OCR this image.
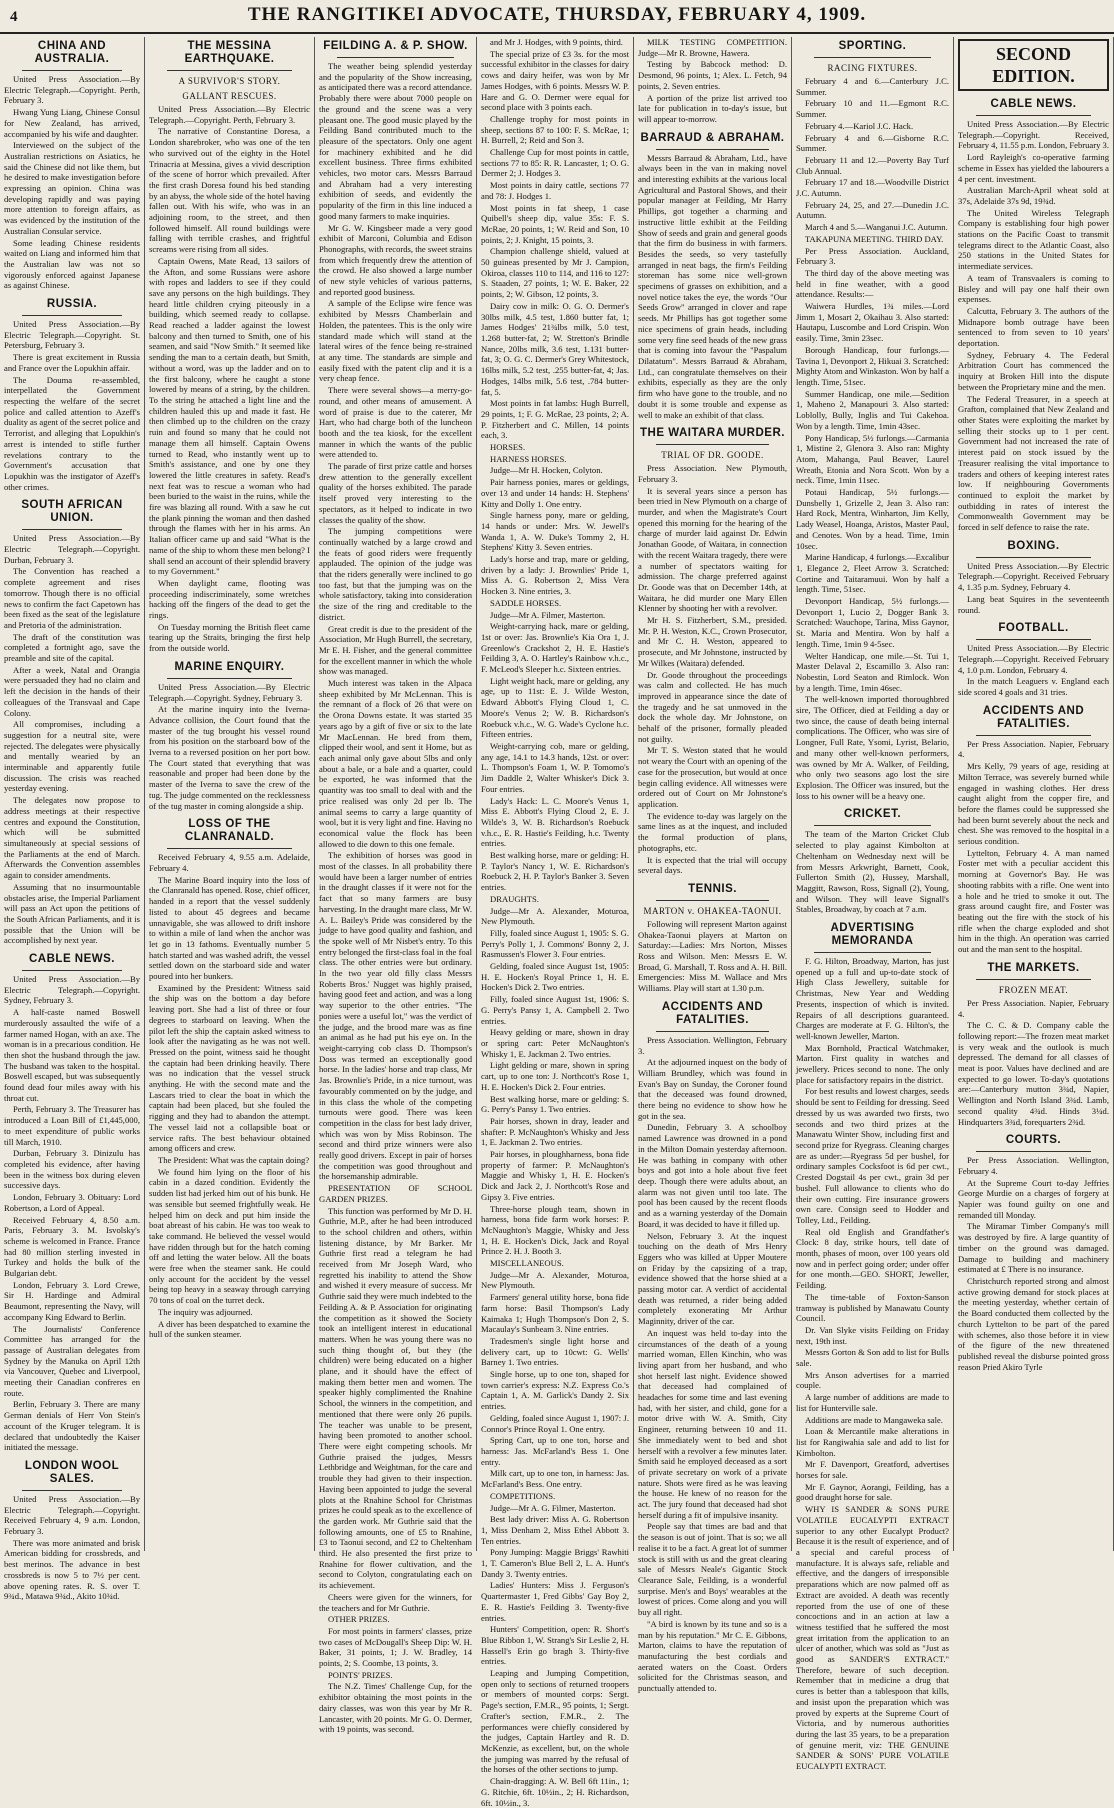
4	THE RANGITIKEI ADVOCATE, THURSDAY, FEBRUARY 4, 1909.
CHINA AND AUSTRALIA.

United Press Association.—By Electric Telegraph.—Copyright. Perth, February 3.

Hwang Yung Liang, Chinese Consul for New Zealand, has arrived, accompanied by his wife and daughter.

Interviewed on the subject of the Australian restrictions on Asiatics, he said the Chinese did not like them, but he desired to make investigation before expressing an opinion. China was developing rapidly and was paying more attention to foreign affairs, as was evidenced by the institution of the Australian Consular service.

Some leading Chinese residents waited on Liang and informed him that the Australian law was not so vigorously enforced against Japanese as against Chinese.

RUSSIA.

United Press Association.—By Electric Telegraph.—Copyright. St. Petersburg, February 3.

There is great excitement in Russia and France over the Lopukhin affair.

The Douma re-assembled, interpellated the Government respecting the welfare of the secret police and called attention to Azeff's duality as agent of the secret police and Terrorist, and alleging that Lopukhin's arrest is intended to stifle further revelations contrary to the Government's accusation that Lopukhin was the instigator of Azeff's other crimes.

SOUTH AFRICAN UNION.

United Press Association.—By Electric Telegraph.—Copyright. Durban, February 3.

The Convention has reached a complete agreement and rises tomorrow. Though there is no official news to confirm the fact Capetown has been fixed as the seat of the legislature and Pretoria of the administration.

The draft of the constitution was completed a fortnight ago, save the preamble and site of the capital.

After a week, Natal and Orangia were persuaded they had no claim and left the decision in the hands of their colleagues of the Transvaal and Cape Colony.

All compromises, including a suggestion for a neutral site, were rejected. The delegates were physically and mentally wearied by an interminable and apparently futile discussion. The crisis was reached yesterday evening.

The delegates now propose to address meetings at their respective centres and expound the Constitution, which will be submitted simultaneously at special sessions of the Parliaments at the end of March. Afterwards the Convention assembles again to consider amendments.

Assuming that no insurmountable obstacles arise, the Imperial Parliament will pass an Act upon the petitions of the South African Parliaments, and it is possible that the Union will be accomplished by next year.

CABLE NEWS.

United Press Association.—By Electric Telegraph.—Copyright. Sydney, February 3.

A half-caste named Boswell murderously assaulted the wife of a farmer named Hogan, with an axe. The woman is in a precarious condition. He then shot the husband through the jaw. The husband was taken to the hospital. Boswell escaped, but was subsequently found dead four miles away with his throat cut.

Perth, February 3. The Treasurer has introduced a Loan Bill of £1,445,000, to meet expenditure of public works till March, 1910.

Durban, February 3. Dinizulu has completed his evidence, after having been in the witness box during eleven successive days.

London, February 3. Obituary: Lord Robertson, a Lord of Appeal.

Received February 4, 8.50 a.m. Paris, February 3. M. Isvolsky's scheme is welcomed in France. France had 80 million sterling invested in Turkey and holds the bulk of the Bulgarian debt.

London, February 3. Lord Crewe, Sir H. Hardinge and Admiral Beaumont, representing the Navy, will accompany King Edward to Berlin.

The Journalists' Conference Committee has arranged for the passage of Australian delegates from Sydney by the Manuka on April 12th via Vancouver, Quebec and Liverpool, meeting their Canadian confreres en route.

Berlin, February 3. There are many German denials of Herr Von Stein's account of the Kruger telegram. It is declared that undoubtedly the Kaiser initiated the message.

LONDON WOOL SALES.

United Press Association.—By Electric Telegraph.—Copyright. Received February 4, 9 a.m. London, February 3.

There was more animated and brisk American bidding for crossbreds, and best merinos. The advance in best crossbreds is now 5 to 7½ per cent. above opening rates. R. S. over T. 9¾d., Matawa 9¾d., Akito 10¾d.

THE MESSINA EARTHQUAKE.
A SURVIVOR'S STORY.
GALLANT RESCUES.

United Press Association.—By Electric Telegraph.—Copyright. Perth, February 3.

The narrative of Constantine Doresa, a London sharebroker, who was one of the ten who survived out of the eighty in the Hotel Trinacria at Messina, gives a vivid description of the scene of horror which prevailed. After the first crash Doresa found his bed standing by an abyss, the whole side of the hotel having fallen out. With his wife, who was in an adjoining room, to the street, and then followed himself. All round buildings were falling with terrible crashes, and frightful screams were rising from all sides.

Captain Owens, Mate Read, 13 sailors of the Afton, and some Russians were ashore with ropes and ladders to see if they could save any persons on the high buildings. They heard little children crying piteously in a building, which seemed ready to collapse. Read reached a ladder against the lowest balcony and then turned to Smith, one of his seamen, and said "Now Smith." It seemed like sending the man to a certain death, but Smith, without a word, was up the ladder and on to the first balcony, where he caught a stone lowered by means of a string, by the children. To the string he attached a light line and the children hauled this up and made it fast. He then climbed up to the children on the crazy ruin and found so many that he could not manage them all himself. Captain Owens turned to Read, who instantly went up to Smith's assistance, and one by one they lowered the little creatures in safety. Read's next feat was to rescue a woman who had been buried to the waist in the ruins, while the fire was blazing all round. With a saw he cut the plank pinning the woman and then dashed through the flames with her in his arms. An Italian officer came up and said "What is the name of the ship to whom these men belong? I shall send an account of their splendid bravery to my Government."

When daylight came, flooting was proceeding indiscriminately, some wretches hacking off the fingers of the dead to get the rings.

On Tuesday morning the British fleet came tearing up the Straits, bringing the first help from the outside world.

MARINE ENQUIRY.

United Press Association.—By Electric Telegraph.—Copyright. Sydney, February 3.

At the marine inquiry into the Iverna-Advance collision, the Court found that the master of the tug brought his vessel round from his position on the starboard bow of the Iverna to a reversed position on her port bow. The Court stated that everything that was reasonable and proper had been done by the master of the Iverna to save the crew of the tug. The judge commented on the recklessness of the tug master in coming alongside a ship.

LOSS OF THE CLANRANALD.

Received February 4, 9.55 a.m. Adelaide, February 4.

The Marine Board inquiry into the loss of the Clanranald has opened. Rose, chief officer, handed in a report that the vessel suddenly listed to about 45 degrees and became unnavigable, she was allowed to drift inshore to within a mile of land when the anchor was let go in 13 fathoms. Eventually number 5 hatch started and was washed adrift, the vessel settled down on the starboard side and water poured into her bunkers.

Examined by the President: Witness said the ship was on the bottom a day before leaving port. She had a list of three or four degrees to starboard on leaving. When the pilot left the ship the captain asked witness to look after the navigating as he was not well. Pressed on the point, witness said he thought the captain had been drinking heavily. There was no indication that the vessel struck anything. He with the second mate and the Lascars tried to clear the boat in which the captain had been placed, but she fouled the rigging and they had to abandon the attempt. The vessel laid not a collapsible boat or service rafts. The best behaviour obtained among officers and crew.

The President: What was the captain doing?

We found him lying on the floor of his cabin in a dazed condition. Evidently the sudden list had jerked him out of his bunk. He was sensible but seemed frightfully weak. He helped him on deck and put him inside the boat abreast of his cabin. He was too weak to take command. He believed the vessel would have ridden through but for the hatch coming off and letting the water below. All the boats were free when the steamer sank. He could only account for the accident by the vessel being top heavy in a seaway through carrying 70 tons of coal on the turret deck.

The inquiry was adjourned.

A diver has been despatched to examine the hull of the sunken steamer.

FEILDING A. & P. SHOW.

The weather being splendid yesterday and the popularity of the Show increasing, as anticipated there was a record attendance. Probably there were about 7000 people on the ground and the scene was a very pleasant one. The good music played by the Feilding Band contributed much to the pleasure of the spectators. Only one agent for machinery exhibited and he did excellent business. Three firms exhibited vehicles, two motor cars. Messrs Barraud and Abraham had a very interesting exhibition of seeds, and evidently the popularity of the firm in this line induced a good many farmers to make inquiries.

Mr G. W. Kingsbeer made a very good exhibit of Marconi, Columbia and Edison Phonographs, with records, the sweet strains from which frequently drew the attention of the crowd. He also showed a large number of new style vehicles of various patterns, and reported good business.

A sample of the Eclipse wire fence was exhibited by Messrs Chamberlain and Holden, the patentees. This is the only wire standard made which will stand at the lateral wires of the fence being re-strained at any time. The standards are simple and easily fixed with the patent clip and it is a very cheap fence.

There were several shows—a merry-go-round, and other means of amusement. A word of praise is due to the caterer, Mr Hart, who had charge both of the luncheon booth and the tea kiosk, for the excellent manner in which the wants of the public were attended to.

The parade of first prize cattle and horses drew attention to the generally excellent quality of the horses exhibited. The parade itself proved very interesting to the spectators, as it helped to indicate in two classes the quality of the show.

The jumping competitions were continually watched by a large crowd and the feats of good riders were frequently applauded. The opinion of the judge was that the riders generally were inclined to go too fast, but that the jumping was on the whole satisfactory, taking into consideration the size of the ring and creditable to the district.

Great credit is due to the president of the Association, Mr Hugh Burrell, the secretary, Mr E. H. Fisher, and the general committee for the excellent manner in which the whole show was managed.

Much interest was taken in the Alpaca sheep exhibited by Mr McLennan. This is the remnant of a flock of 26 that were on the Orona Downs estate. It was started 35 years ago by a gift of five or six to the late Mr MacLennan. He bred from them, clipped their wool, and sent it Home, but as each animal only gave about 5lbs and only about a bale, or a bale and a quarter, could be exported, he was informed that the quantity was too small to deal with and the price realised was only 2d per lb. The animal seems to carry a large quantity of wool, but it is very light and fine. Having no economical value the flock has been allowed to die down to this one female.

The exhibition of horses was good in most of the classes. In all probability there would have been a larger number of entries in the draught classes if it were not for the fact that so many farmers are busy harvesting. In the draught mare class, Mr W. A. L. Bailey's Pride was considered by the judge to have good quality and fashion, and the spoke well of Mr Nisbet's entry. To this entry belonged the first-class foal in the foal class. The other entries were but ordinary. In the two year old filly class Messrs Roberts Bros.' Nugget was highly praised, having good feet and action, and was a long way superior to the other entries. "The ponies were a useful lot," was the verdict of the judge, and the brood mare was as fine an animal as he had put his eye on. In the weight-carrying cob class D. Thompson's Doss was termed an exceptionally good horse. In the ladies' horse and trap class, Mr Jas. Brownlie's Pride, in a nice turnout, was favourably commented on by the judge, and in this class the whole of the competing turnouts were good. There was keen competition in the class for best lady driver, which was won by Miss Robinson. The second and third prize winners were also really good drivers. Except in pair of horses the competition was good throughout and the horsemanship admirable.

PRESENTATION OF SCHOOL GARDEN PRIZES.

This function was performed by Mr D. H. Guthrie, M.P., after he had been introduced to the school children and others, within listening distance, by Mr Barker. Mr Guthrie first read a telegram he had received from Mr Joseph Ward, who regretted his inability to attend the Show and wished it every measure of success. Mr Guthrie said they were much indebted to the Feilding A. & P. Association for originating the competition as it showed the Society took an intelligent interest in educational matters. When he was young there was no such thing thought of, but they (the children) were being educated on a higher plane, and it should have the effect of making them better men and women. The speaker highly complimented the Rnahine School, the winners in the competition, and mentioned that there were only 26 pupils. The teacher was unable to be present, having been promoted to another school. There were eight competing schools. Mr Guthrie praised the judges, Messrs Lethbridge and Weightman, for the care and trouble they had given to their inspection. Having been appointed to judge the several plots at the Rnahine School for Christmas prizes he could speak as to the excellence of the garden work. Mr Guthrie said that the following amounts, one of £5 to Rnahine, £3 to Taonui second, and £2 to Cheltenham third. He also presented the first prize to Rnahine for flower cultivation, and the second to Colyton, congratulating each on its achievement.

Cheers were given for the winners, for the teachers and for Mr Guthrie.

OTHER PRIZES.

For most points in farmers' classes, prize two cases of McDougall's Sheep Dip: W. H. Baker, 31 points, 1; J. W. Bradley, 14 points, 2; S. Coombe, 13 points, 3.

POINTS' PRIZES.

The N.Z. Times' Challenge Cup, for the exhibitor obtaining the most points in the dairy classes, was won this year by Mr R. Lancaster, with 20 points. Mr G. O. Dermer, with 19 points, was second.

and Mr J. Hodges, with 9 points, third.

The special prize of £3 3s. for the most successful exhibitor in the classes for dairy cows and dairy heifer, was won by Mr James Hodges, with 6 points. Messrs W. P. Hare and G. O. Dermer were equal for second place with 3 points each.

Challenge trophy for most points in sheep, sections 87 to 100: F. S. McRae, 1; H. Burrell, 2; Reid and Son 3.

Challenge Cup for most points in cattle, sections 77 to 85: R. R. Lancaster, 1; O. G. Dermer 2; J. Hodges 3.

Most points in dairy cattle, sections 77 and 78: J. Hodges 1.

Most points in fat sheep, 1 case Quibell's sheep dip, value 35s: F. S. McRae, 20 points, 1; W. Reid and Son, 10 points, 2; J. Knight, 15 points, 3.

Champion challenge shield, valued at 50 guineas presented by Mr J. Campion, Okiroa, classes 110 to 114, and 116 to 127: S. Staaden, 27 points, 1; W. E. Baker, 22 points, 2; W. Gibson, 12 points, 3.

Dairy cow in milk: O. G. O. Dermer's 30lbs milk, 4.5 test, 1.860 butter fat, 1; James Hodges' 21¾lbs milk, 5.0 test, 1.268 butter-fat, 2; W. Stretton's Brindle Nance, 20lbs milk, 3.6 test, 1.131 butter-fat, 3; O. G. C. Dermer's Grey Whitestock, 16lbs milk, 5.2 test, .255 butter-fat, 4; Jas. Hodges, 14lbs milk, 5.6 test, .784 butter-fat, 5.

Most points in fat lambs: Hugh Burrell, 29 points, 1; F. G. McRae, 23 points, 2; A. P. Fitzherbert and C. Millen, 14 points each, 3.

HORSES.

HARNESS HORSES.

Judge—Mr H. Hocken, Colyton.

Pair harness ponies, mares or geldings, over 13 and under 14 hands: H. Stephens' Kitty and Dolly 1. One entry.

Single harness pony, mare or gelding, 14 hands or under: Mrs. W. Jewell's Wanda 1, A. W. Duke's Tommy 2, H. Stephens' Kitty 3. Seven entries.

Lady's horse and trap, mare or gelding, driven by a lady: J. Brownlies' Pride 1, Miss A. G. Robertson 2, Miss Vera Hocken 3. Nine entries, 3.

SADDLE HORSES.

Judge—Mr A. Filmer, Masterton.

Weight-carrying hack, mare or gelding, 1st or over: Jas. Brownlie's Kia Ora 1, J. Greenlow's Crackshot 2, H. E. Hastie's Feilding 3, A. O. Hartley's Rainbow v.h.c., F. McLeod's Sleeper h.c. Sixteen entries.

Light weight hack, mare or gelding, any age, up to 11st: E. J. Wilde Weston, Edward Abbott's Flying Cloud 1, C. Moore's Venus 2; W. B. Richardson's Roebuck v.h.c., W. G. Wade's Cyclone h.c. Fifteen entries.

Weight-carrying cob, mare or gelding, any age, 14.1 to 14.3 hands, 12st. or over: L. Thompson's Foam 1, W. P. Tomomo's Jim Daddle 2, Walter Whisker's Dick 3. Four entries.

Lady's Hack: L. C. Moore's Venus 1, Miss E. Abbott's Flying Cloud 2, E. J. Wilde's 3, W. B. Richardson's Roebuck v.h.c., E. R. Hastie's Feilding, h.c. Twenty entries.

Best walking horse, mare or gelding: H. P. Taylor's Nancy 1, W. E. Richardson's Roebuck 2, H. P. Taylor's Banker 3. Seven entries.

DRAUGHTS.

Judge—Mr A. Alexander, Moturoa, New Plymouth.

Filly, foaled since August 1, 1905: S. G. Perry's Polly 1, J. Commons' Bonny 2, J. Rasmussen's Flower 3. Four entries.

Gelding, foaled since August 1st, 1905: H. E. Hocken's Royal Prince 1, H. E. Hocken's Dick 2. Two entries.

Filly, foaled since August 1st, 1906: S. G. Perry's Pansy 1, A. Campbell 2. Two entries.

Heavy gelding or mare, shown in dray or spring cart: Peter McNaughton's Whisky 1, E. Jackman 2. Two entries.

Light gelding or mare, shown in spring cart, up to one ton: J. Northcott's Rose 1, H. E. Hocken's Dick 2. Four entries.

Best walking horse, mare or gelding: S. G. Perry's Pansy 1. Two entries.

Pair horses, shown in dray, leader and shafter: P. McNaughton's Whisky and Jess 1, E. Jackman 2. Two entries.

Pair horses, in ploughharness, bona fide property of farmer: P. McNaughton's Maggie and Whisky 1, H. E. Hocken's Dick and Jack 2, J. Northcott's Rose and Gipsy 3. Five entries.

Three-horse plough team, shown in harness, bona fide farm work horses: P. McNaughton's Maggie, Whisky and Jess 1, H. E. Hocken's Dick, Jack and Royal Prince 2. H. J. Booth 3.

MISCELLANEOUS.

Judge—Mr A. Alexander, Moturoa, New Plymouth.

Farmers' general utility horse, bona fide farm horse: Basil Thompson's Lady Kaimaka 1; Hugh Thompson's Don 2, S. Macaulay's Sunbeam 3. Nine entries.

Tradesmen's single light horse and delivery cart, up to 10cwt: G. Wells' Barney 1. Two entries.

Single horse, up to one ton, shaped for town carrier's express: N.Z. Express Co.'s Captain 1, A. M. Garlick's Dandy 2. Six entries.

Gelding, foaled since August 1, 1907: J. Connor's Prince Royal 1. One entry.

Spring Cart, up to one ton, horse and harness: Jas. McFarland's Bess 1. One entry.

Milk cart, up to one ton, in harness: Jas. McFarland's Bess. One entry.

COMPETITIONS.

Judge—Mr A. G. Filmer, Masterton.

Best lady driver: Miss A. G. Robertson 1, Miss Denham 2, Miss Ethel Abbott 3. Ten entries.

Pony Jumping: Maggie Briggs' Rawhiti 1, T. Cameron's Blue Bell 2, L. A. Hunt's Dandy 3. Twenty entries.

Ladies' Hunters: Miss J. Ferguson's Quartermaster 1, Fred Gibbs' Gay Boy 2, E. R. Hastie's Feilding 3. Twenty-five entries.

Hunters' Competition, open: R. Short's Blue Ribbon 1, W. Strang's Sir Leslie 2, H. Hassell's Erin go bragh 3. Thirty-five entries.

Leaping and Jumping Competition, open only to sections of returned troopers or members of mounted corps: Sergt. Page's section, F.M.R., 95 points, 1; Sergt. Crafter's section, F.M.R., 2. The performances were chiefly considered by the judges, Captain Hartley and R. D. McKenzie, as excellent, but, on the whole the jumping was marred by the refusal of the horses of the other sections to jump.

Chain-dragging: A. W. Bell 6ft 11in., 1; G. Ritchie, 6ft. 10½in., 2; H. Richardson, 6ft. 10½in., 3.

MILK TESTING COMPETITION. Judge—Mr R. Browne, Hawera.

Testing by Babcock method: D. Desmond, 96 points, 1; Alex. L. Fetch, 94 points, 2. Seven entries.

A portion of the prize list arrived too late for publication in to-day's issue, but will appear to-morrow.

BARRAUD & ABRAHAM.

Messrs Barraud & Abraham, Ltd., have always been in the van in making novel and interesting exhibits at the various local Agricultural and Pastoral Shows, and their popular manager at Feilding, Mr Harry Phillips, got together a charming and instructive little exhibit at the Feilding Show of seeds and grain and general goods that the firm do business in with farmers. Besides the seeds, so very tastefully arranged in neat bags, the firm's Feilding storeman has some nice well-grown specimens of grasses on exhibition, and a novel notice takes the eye, the words "Our Seeds Grow" arranged in clover and rape seeds. Mr Phillips has got together some nice specimens of grain heads, including some very fine seed heads of the new grass that is coming into favour the "Paspalum Dilatatum". Messrs Barraud & Abraham, Ltd., can congratulate themselves on their exhibits, especially as they are the only firm who have gone to the trouble, and no doubt it is some trouble and expense as well to make an exhibit of that class.

THE WAITARA MURDER.
TRIAL OF DR. GOODE.

Press Association. New Plymouth, February 3.

It is several years since a person has been tried in New Plymouth on a charge of murder, and when the Magistrate's Court opened this morning for the hearing of the charge of murder laid against Dr. Edwin Jonathan Goode, of Waitara, in connection with the recent Waitara tragedy, there were a number of spectators waiting for admission. The charge preferred against Dr. Goode was that on December 14th, at Waitara, he did murder one Mary Ellen Klenner by shooting her with a revolver.

Mr H. S. Fitzherbert, S.M., presided. Mr. P. H. Weston, K.C., Crown Prosecutor, and Mr C. H. Weston, appeared to prosecute, and Mr Johnstone, instructed by Mr Wilkes (Waitara) defended.

Dr. Goode throughout the proceedings was calm and collected. He has much improved in appearance since the date of the tragedy and he sat unmoved in the dock the whole day. Mr Johnstone, on behalf of the prisoner, formally pleaded not guilty.

Mr T. S. Weston stated that he would not weary the Court with an opening of the case for the prosecution, but would at once begin calling evidence. All witnesses were ordered out of Court on Mr Johnstone's application.

The evidence to-day was largely on the same lines as at the inquest, and included the formal production of plans, photographs, etc.

It is expected that the trial will occupy several days.

TENNIS.
MARTON v. OHAKEA-TAONUI.

Following will represent Marton against Ohakea-Taonui players at Marton on Saturday:—Ladies: Mrs Norton, Misses Ross and Wilson. Men: Messrs E. W. Broad, G. Marshall, T. Ross and A. H. Bill. Emergencies: Miss M. Wallace and Mrs Williams. Play will start at 1.30 p.m.

ACCIDENTS AND FATALITIES.

Press Association. Wellington, February 3.

At the adjourned inquest on the body of William Brundley, which was found in Evan's Bay on Sunday, the Coroner found that the deceased was found drowned, there being no evidence to show how he got in the sea.

Dunedin, February 3. A schoolboy named Lawrence was drowned in a pond in the Milton Domain yesterday afternoon. He was bathing in company with other boys and got into a hole about five feet deep. Though there were adults about, an alarm was not given until too late. The pool has been caused by the recent floods and as a warning yesterday of the Domain Board, it was decided to have it filled up.

Nelson, February 3. At the inquest touching on the death of Mrs Henry Eggers who was killed at Upper Moutere on Friday by the capsizing of a trap, evidence showed that the horse shied at a passing motor car. A verdict of accidental death was returned, a rider being added completely exonerating Mr Arthur Maginnity, driver of the car.

An inquest was held to-day into the circumstances of the death of a young married woman, Ellen Kinchin, who was living apart from her husband, and who shot herself last night. Evidence showed that deceased had complained of headaches for some time and last evening had, with her sister, and child, gone for a motor drive with W. A. Smith, City Engineer, returning between 10 and 11. She immediately went to bed and shot herself with a revolver a few minutes later. Smith said he employed deceased as a sort of private secretary on work of a private nature. Shots were fired as he was leaving the house. He knew of no reason for the act. The jury found that deceased had shot herself during a fit of impulsive insanity.

People say that times are bad and that the season is out of joint. That is so; we all realise it to be a fact. A great lot of summer stock is still with us and the great clearing sale of Messrs Neale's Gigantic Stock Clearance Sale, Feilding, is a wonderful surprise. Men's and Boys' wearables at the lowest of prices. Come along and you will buy all right.

"A bird is known by its tune and so is a man by his reputation." Mr C. E. Gibbons, Marton, claims to have the reputation of manufacturing the best cordials and aerated waters on the Coast. Orders solicited for the Christmas season, and punctually attended to.

SPORTING.
RACING FIXTURES.

February 4 and 6.—Canterbury J.C. Summer.

February 10 and 11.—Egmont R.C. Summer.

February 4.—Kariol J.C. Hack.

February 4 and 6.—Gisborne R.C. Summer.

February 11 and 12.—Poverty Bay Turf Club Annual.

February 17 and 18.—Woodville District J.C. Autumn.

February 24, 25, and 27.—Dunedin J.C. Autumn.

March 4 and 5.—Wanganui J.C. Autumn.

TAKAPUNA MEETING. THIRD DAY.

Per Press Association. Auckland, February 3.

The third day of the above meeting was held in fine weather, with a good attendance. Results:—

Waiwera Hurdles, 1¾ miles.—Lord Jimm 1, Mosart 2, Okaihau 3. Also started: Hautapu, Luscombe and Lord Crispin. Won easily. Time, 3min 23sec.

Borough Handicap, four furlongs.—Tavina 1, Devonport 2, Hikuai 3. Scratched: Mighty Atom and Winkaston. Won by half a length. Time, 51sec.

Summer Handicap, one mile.—Sedition 1, Maheno 2, Manapouri 3. Also started: Loblolly, Bully, Inglis and Tui Cakehoa. Won by a length. Time, 1min 43sec.

Pony Handicap, 5½ furlongs.—Carmania 1, Mistine 2, Glenora 3. Also ran: Mighty Atom, Mahanga, Paul Beaver, Laurel Wreath, Etonia and Nora Scott. Won by a neck. Time, 1min 11sec.

Potaui Handicap, 5½ furlongs.—Dunsbelly 1, Grizelle 2, Jean 3. Also ran: Hard Rock, Mentra, Winharton, Jim Kelly, Lady Weasel, Hoanga, Aristos, Master Paul, and Cenotes. Won by a head. Time, 1min 10sec.

Marine Handicap, 4 furlongs.—Excalibur 1, Elegance 2, Fleet Arrow 3. Scratched: Cortine and Taitaramuui. Won by half a length. Time, 51sec.

Devonport Handicap, 5½ furlongs.—Devonport 1, Lucio 2, Dogger Bank 3. Scratched: Wauchope, Tarina, Miss Gaynor, St. Maria and Mentira. Won by half a length. Time, 1min 9 4-5sec.

Welter Handicap, one mile.—St. Tui 1, Master Delaval 2, Escamillo 3. Also ran: Nobestin, Lord Seaton and Rimlock. Won by a length. Time, 1min 46sec.

The well-known imported thoroughbred sire, The Officer, died at Feilding a day or two since, the cause of death being internal complications. The Officer, who was sire of Longner, Full Rate, Ysomi, Lyrist, Belario, and many other well-known performers, was owned by Mr A. Walker, of Feilding, who only two seasons ago lost the sire Explosion. The Officer was insured, but the loss to his owner will be a heavy one.

CRICKET.

The team of the Marton Cricket Club selected to play against Kimbolton at Cheltenham on Wednesday next will be from Messrs Arkwright, Barnett, Cook, Fullerton Smith (2), Hussey, Marshall, Maggitt, Rawson, Ross, Signall (2), Young, and Wilson. They will leave Signall's Stables, Broadway, by coach at 7 a.m.

ADVERTISING MEMORANDA

F. G. Hilton, Broadway, Marton, has just opened up a full and up-to-date stock of High Class Jewellery, suitable for Christmas, New Year and Wedding Presents, inspection of which is invited. Repairs of all descriptions guaranteed. Charges are moderate at F. G. Hilton's, the well-known Jeweller, Marton.

Max Bornhold, Practical Watchmaker, Marton. First quality in watches and jewellery. Prices second to none. The only place for satisfactory repairs in the district.

For best results and lowest charges, seeds should be sent to Feilding for dressing. Seed dressed by us was awarded two firsts, two seconds and two third prizes at the Manawatu Winter Show, including first and second prize for Ryegrass. Cleaning charges are as under:—Ryegrass 5d per bushel, for ordinary samples Cocksfoot is 6d per cwt., Crested Dogstail 4s per cwt., grain 3d per bushel. Full allowance to clients who do their own cutting. Fire insurance growers own care. Consign seed to Hodder and Tolley, Ltd., Feilding.

Real old English and Grandfather's Clock: 8 day, strike hours, tell date of month, phases of moon, over 100 years old now and in perfect going order; under offer for one month.—GEO. SHORT, Jeweller, Feilding.

The time-table of Foxton-Sanson tramway is published by Manawatu County Council.

Dr. Van Slyke visits Feilding on Friday next, 19th inst.

Messrs Gorton & Son add to list for Bulls sale.

Mrs Anson advertises for a married couple.

A large number of additions are made to list for Hunterville sale.

Additions are made to Mangaweka sale.

Loan & Mercantile make alterations in list for Rangiwahia sale and add to list for Kimbolton.

Mr F. Davenport, Greatford, advertises horses for sale.

Mr F. Gaynor, Aorangi, Feilding, has a good draught horse for sale.

WHY IS SANDER & SONS PURE VOLATILE EUCALYPTI EXTRACT superior to any other Eucalypt Product? Because it is the result of experience, and of a special and careful process of manufacture. It is always safe, reliable and effective, and the dangers of irresponsible preparations which are now palmed off as Extract are avoided. A death was recently reported from the use of one of these concoctions and in an action at law a witness testified that he suffered the most great irritation from the application to an ulcer of another, which was sold as "Just as good as SANDER'S EXTRACT." Therefore, beware of such deception. Remember that in medicine a drug that cures is better than a tablespoon that kills, and insist upon the preparation which was proved by experts at the Supreme Court of Victoria, and by numerous authorities during the last 35 years, to be a preparation of genuine merit, viz: THE GENUINE SANDER & SONS' PURE VOLATILE EUCALYPTI EXTRACT.

SECOND EDITION.
CABLE NEWS.

United Press Association.—By Electric Telegraph.—Copyright. Received, February 4, 11.55 p.m. London, February 3.

Lord Rayleigh's co-operative farming scheme in Essex has yielded the labourers a 4 per cent. investment.

Australian March-April wheat sold at 37s, Adelaide 37s 9d, 19¾d.

The United Wireless Telegraph Company is establishing four high power stations on the Pacific Coast to transmit telegrams direct to the Atlantic Coast, also 250 stations in the United States for intermediate services.

A team of Transvaalers is coming to Bisley and will pay one half their own expenses.

Calcutta, February 3. The authors of the Midnapore bomb outrage have been sentenced to from seven to 10 years' deportation.

Sydney, February 4. The Federal Arbitration Court has commenced the inquiry at Broken Hill into the dispute between the Proprietary mine and the men.

The Federal Treasurer, in a speech at Grafton, complained that New Zealand and other States were exploiting the market by selling their stocks up to 1 per cent. Government had not increased the rate of interest paid on stock issued by the Treasurer realising the vital importance to traders and others of keeping interest rates low. If neighbouring Governments continued to exploit the market by outbidding in rates of interest the Commonwealth Government may be forced in self defence to raise the rate.

BOXING.

United Press Association.—By Electric Telegraph.—Copyright. Received February 4, 1.35 p.m. Sydney, February 4.

Lang beat Squires in the seventeenth round.

FOOTBALL.

United Press Association.—By Electric Telegraph.—Copyright. Received February 4, 1.0 p.m. London, February 4.

In the match Leaguers v. England each side scored 4 goals and 31 tries.

ACCIDENTS AND FATALITIES.

Per Press Association. Napier, February 4.

Mrs Kelly, 79 years of age, residing at Milton Terrace, was severely burned while engaged in washing clothes. Her dress caught alight from the copper fire, and before the flames could be suppressed she had been burnt severely about the neck and chest. She was removed to the hospital in a serious condition.

Lyttelton, February 4. A man named Foster met with a peculiar accident this morning at Governor's Bay. He was shooting rabbits with a rifle. One went into a hole and he tried to smoke it out. The grass around caught fire, and Foster was beating out the fire with the stock of his rifle when the charge exploded and shot him in the thigh. An operation was carried out and the man sent to the hospital.

THE MARKETS.
FROZEN MEAT.

Per Press Association. Napier, February 4.

The C. C. & D. Company cable the following report:—The frozen meat market is very weak and the outlook is much depressed. The demand for all classes of meat is poor. Values have declined and are expected to go lower. To-day's quotations are:—Canterbury mutton 3¾d, Napier, Wellington and North Island 3¾d. Lamb, second quality 4¾d. Hinds 3¼d. Hindquarters 3¾d, forequarters 2¾d.

COURTS.

Per Press Association. Wellington, February 4.

At the Supreme Court to-day Jeffries George Murdie on a charges of forgery at Napier was found guilty on one and remanded till Monday.

The Miramar Timber Company's mill was destroyed by fire. A large quantity of timber on the ground was damaged. Damage to building and machinery estimated at £ There is no insurance.

Christchurch reported strong and almost active growing demand for stock places at the meeting yesterday, whether certain of the Board conducted them collected by the church Lyttelton to be part of the pared with schemes, also those before it in view of the figure of the new threatened published reveal the disburse pointed gross reason Pried Akiro Tyrle
